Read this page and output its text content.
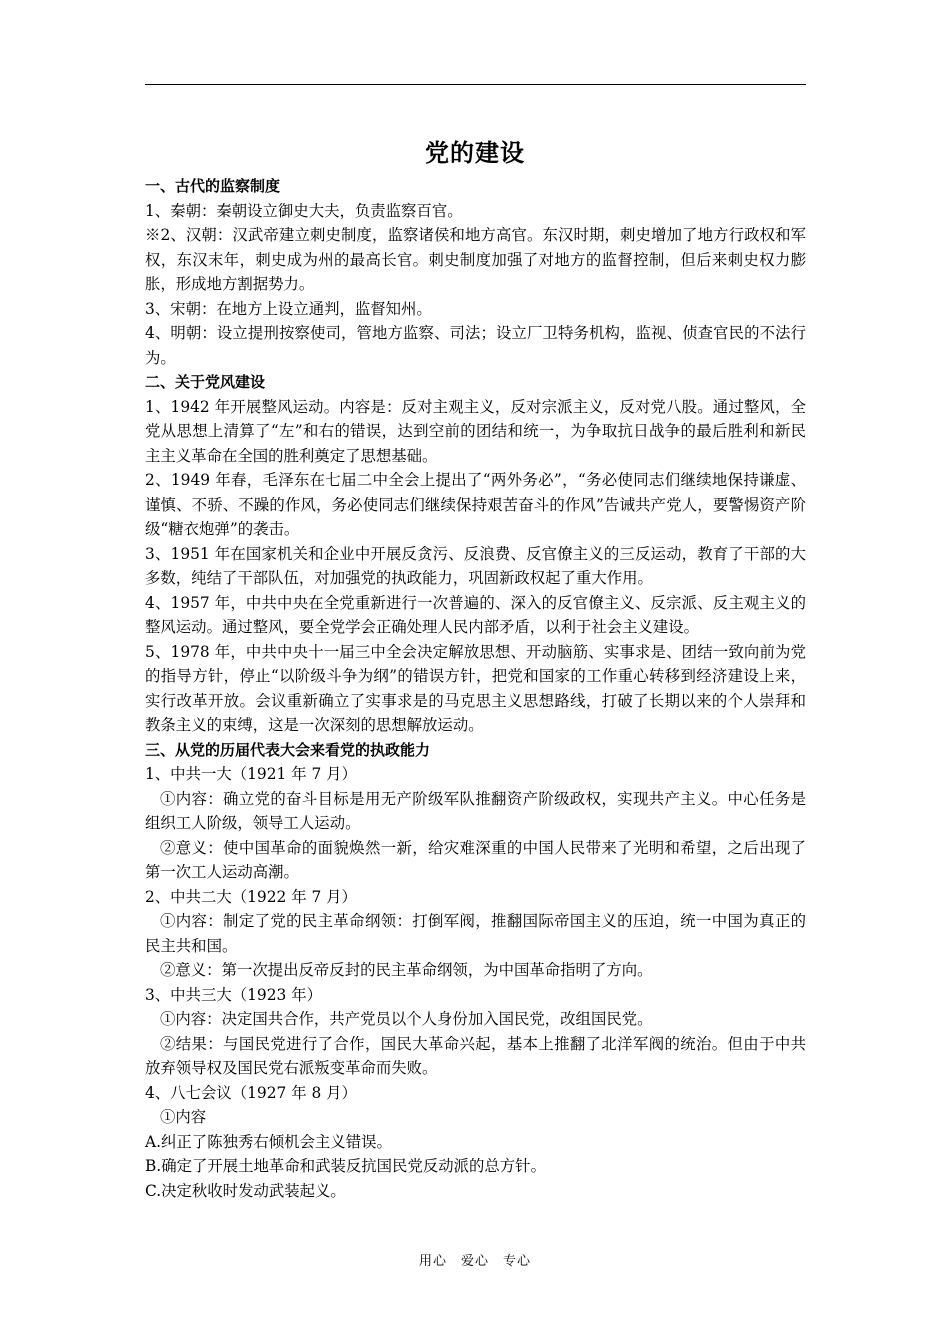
党的建设

一、古代的监察制度

1、秦朝：秦朝设立御史大夫，负责监察百官。

※2、汉朝：汉武帝建立刺史制度，监察诸侯和地方高官。东汉时期，刺史增加了地方行政权和军权，东汉末年，刺史成为州的最高长官。刺史制度加强了对地方的监督控制，但后来刺史权力膨胀，形成地方割据势力。

3、宋朝：在地方上设立通判，监督知州。

4、明朝：设立提刑按察使司，管地方监察、司法；设立厂卫特务机构，监视、侦查官民的不法行为。

二、关于党风建设

1、1942 年开展整风运动。内容是：反对主观主义，反对宗派主义，反对党八股。通过整风，全党从思想上清算了“左”和右的错误，达到空前的团结和统一，为争取抗日战争的最后胜利和新民主主义革命在全国的胜利奠定了思想基础。

2、1949 年春，毛泽东在七届二中全会上提出了“两外务必”，“务必使同志们继续地保持谦虚、谨慎、不骄、不躁的作风，务必使同志们继续保持艰苦奋斗的作风”告诫共产党人，要警惕资产阶级“糖衣炮弹”的袭击。

3、1951 年在国家机关和企业中开展反贪污、反浪费、反官僚主义的三反运动，教育了干部的大多数，纯结了干部队伍，对加强党的执政能力，巩固新政权起了重大作用。

4、1957 年，中共中央在全党重新进行一次普遍的、深入的反官僚主义、反宗派、反主观主义的整风运动。通过整风，要全党学会正确处理人民内部矛盾，以利于社会主义建设。

5、1978 年，中共中央十一届三中全会决定解放思想、开动脑筋、实事求是、团结一致向前为党的指导方针，停止“以阶级斗争为纲”的错误方针，把党和国家的工作重心转移到经济建设上来，实行改革开放。会议重新确立了实事求是的马克思主义思想路线，打破了长期以来的个人崇拜和教条主义的束缚，这是一次深刻的思想解放运动。

三、从党的历届代表大会来看党的执政能力

1、中共一大（1921 年 7 月）

①内容：确立党的奋斗目标是用无产阶级军队推翻资产阶级政权，实现共产主义。中心任务是组织工人阶级，领导工人运动。

②意义：使中国革命的面貌焕然一新，给灾难深重的中国人民带来了光明和希望，之后出现了第一次工人运动高潮。

2、中共二大（1922 年 7 月）

①内容：制定了党的民主革命纲领：打倒军阀，推翻国际帝国主义的压迫，统一中国为真正的民主共和国。

②意义：第一次提出反帝反封的民主革命纲领，为中国革命指明了方向。

3、中共三大（1923 年）

①内容：决定国共合作，共产党员以个人身份加入国民党，改组国民党。

②结果：与国民党进行了合作，国民大革命兴起，基本上推翻了北洋军阀的统治。但由于中共放弃领导权及国民党右派叛变革命而失败。

4、八七会议（1927 年 8 月）

①内容

A.纠正了陈独秀右倾机会主义错误。

B.确定了开展土地革命和武装反抗国民党反动派的总方针。

C.决定秋收时发动武装起义。

用心　爱心　专心
